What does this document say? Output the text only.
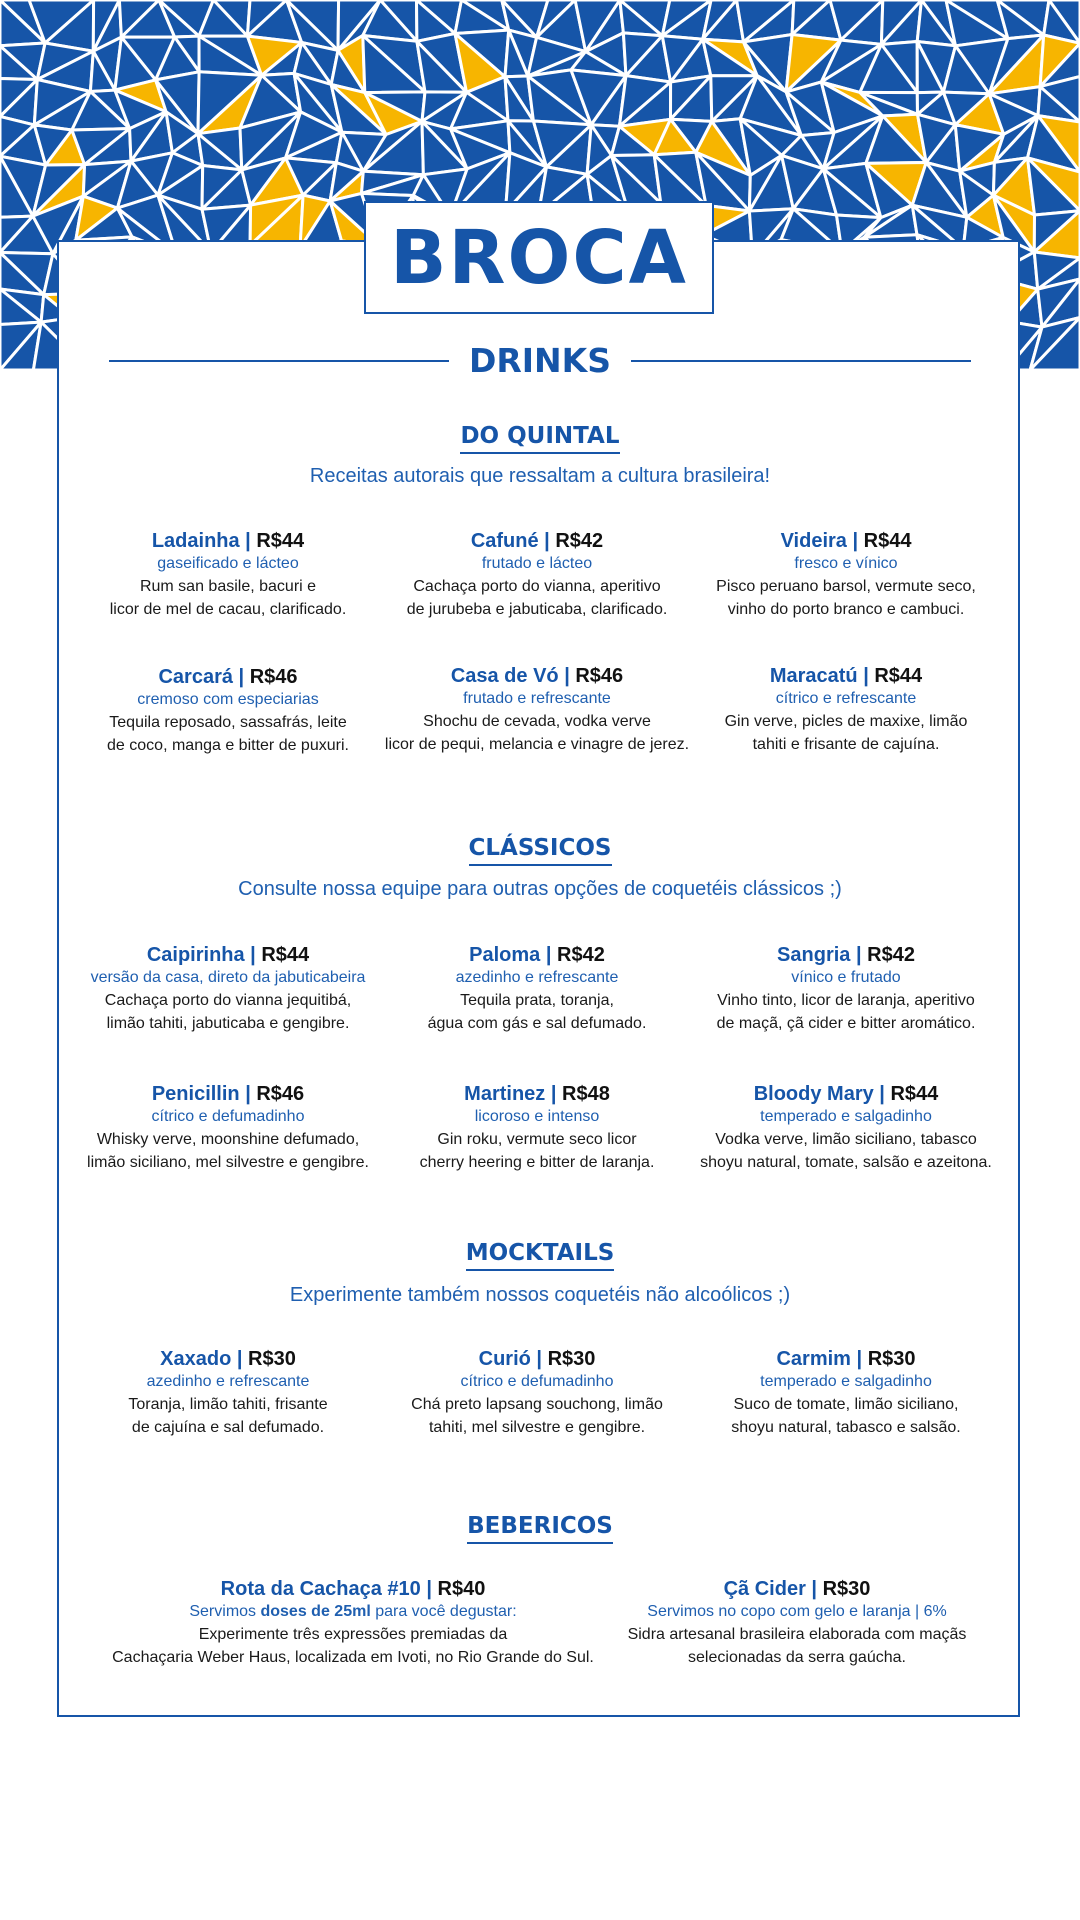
BROCA
DRINKS
DO QUINTAL
Receitas autorais que ressaltam a cultura brasileira!
Ladainha | R$44
gaseificado e lácteo
Rum san basile, bacuri e
licor de mel de cacau, clarificado.
Cafuné | R$42
frutado e lácteo
Cachaça porto do vianna, aperitivo
de jurubeba e jabuticaba, clarificado.
Videira | R$44
fresco e vínico
Pisco peruano barsol, vermute seco,
vinho do porto branco e cambuci.
Carcará | R$46
cremoso com especiarias
Tequila reposado, sassafrás, leite
de coco, manga e bitter de puxuri.
Casa de Vó | R$46
frutado e refrescante
Shochu de cevada, vodka verve
licor de pequi, melancia e vinagre de jerez.
Maracatú | R$44
cítrico e refrescante
Gin verve, picles de maxixe, limão
tahiti e frisante de cajuína.
CLÁSSICOS
Consulte nossa equipe para outras opções de coquetéis clássicos ;)
Caipirinha | R$44
versão da casa, direto da jabuticabeira
Cachaça porto do vianna jequitibá,
limão tahiti, jabuticaba e gengibre.
Paloma | R$42
azedinho e refrescante
Tequila prata, toranja,
água com gás e sal defumado.
Sangria | R$42
vínico e frutado
Vinho tinto, licor de laranja, aperitivo
de maçã, çã cider e bitter aromático.
Penicillin | R$46
cítrico e defumadinho
Whisky verve, moonshine defumado,
limão siciliano, mel silvestre e gengibre.
Martinez | R$48
licoroso e intenso
Gin roku, vermute seco licor
cherry heering e bitter de laranja.
Bloody Mary | R$44
temperado e salgadinho
Vodka verve, limão siciliano, tabasco
shoyu natural, tomate, salsão e azeitona.
MOCKTAILS
Experimente também nossos coquetéis não alcoólicos ;)
Xaxado | R$30
azedinho e refrescante
Toranja, limão tahiti, frisante
de cajuína e sal defumado.
Curió | R$30
cítrico e defumadinho
Chá preto lapsang souchong, limão
tahiti, mel silvestre e gengibre.
Carmim | R$30
temperado e salgadinho
Suco de tomate, limão siciliano,
shoyu natural, tabasco e salsão.
BEBERICOS
Rota da Cachaça #10 | R$40
Servimos doses de 25ml para você degustar:
Experimente três expressões premiadas da
Cachaçaria Weber Haus, localizada em Ivoti, no Rio Grande do Sul.
Çã Cider | R$30
Servimos no copo com gelo e laranja | 6%
Sidra artesanal brasileira elaborada com maçãs
selecionadas da serra gaúcha.
